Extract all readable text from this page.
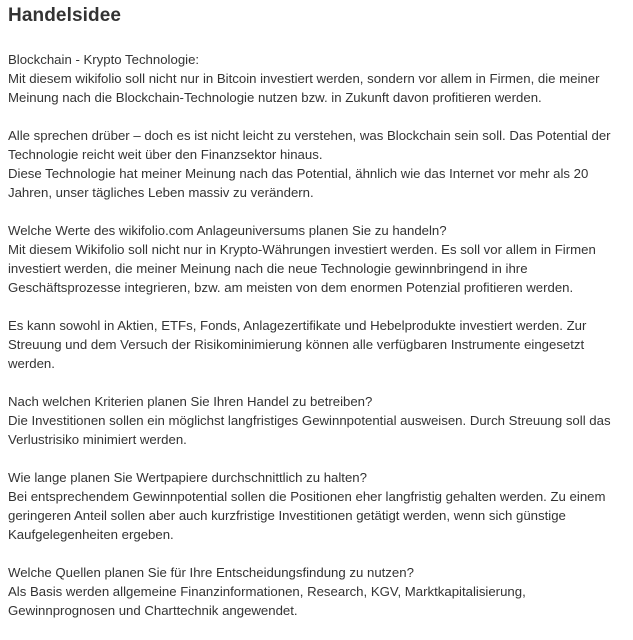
Handelsidee

Blockchain - Krypto Technologie:
Mit diesem wikifolio soll nicht nur in Bitcoin investiert werden, sondern vor allem in Firmen, die meiner Meinung nach die Blockchain-Technologie nutzen bzw. in Zukunft davon profitieren werden.

Alle sprechen drüber – doch es ist nicht leicht zu verstehen, was Blockchain sein soll. Das Potential der Technologie reicht weit über den Finanzsektor hinaus.
Diese Technologie hat meiner Meinung nach das Potential, ähnlich wie das Internet vor mehr als 20 Jahren, unser tägliches Leben massiv zu verändern.

Welche Werte des wikifolio.com Anlageuniversums planen Sie zu handeln?
Mit diesem Wikifolio soll nicht nur in Krypto-Währungen investiert werden. Es soll vor allem in Firmen investiert werden, die meiner Meinung nach die neue Technologie gewinnbringend in ihre Geschäftsprozesse integrieren, bzw. am meisten von dem enormen Potenzial profitieren werden.

Es kann sowohl in Aktien, ETFs, Fonds, Anlagezertifikate und Hebelprodukte investiert werden. Zur Streuung und dem Versuch der Risikominimierung können alle verfügbaren Instrumente eingesetzt werden.

Nach welchen Kriterien planen Sie Ihren Handel zu betreiben?
Die Investitionen sollen ein möglichst langfristiges Gewinnpotential ausweisen. Durch Streuung soll das Verlustrisiko minimiert werden.

Wie lange planen Sie Wertpapiere durchschnittlich zu halten?
Bei entsprechendem Gewinnpotential sollen die Positionen eher langfristig gehalten werden. Zu einem geringeren Anteil sollen aber auch kurzfristige Investitionen getätigt werden, wenn sich günstige Kaufgelegenheiten ergeben.

Welche Quellen planen Sie für Ihre Entscheidungsfindung zu nutzen?
Als Basis werden allgemeine Finanzinformationen, Research, KGV, Marktkapitalisierung, Gewinnprognosen und Charttechnik angewendet.
